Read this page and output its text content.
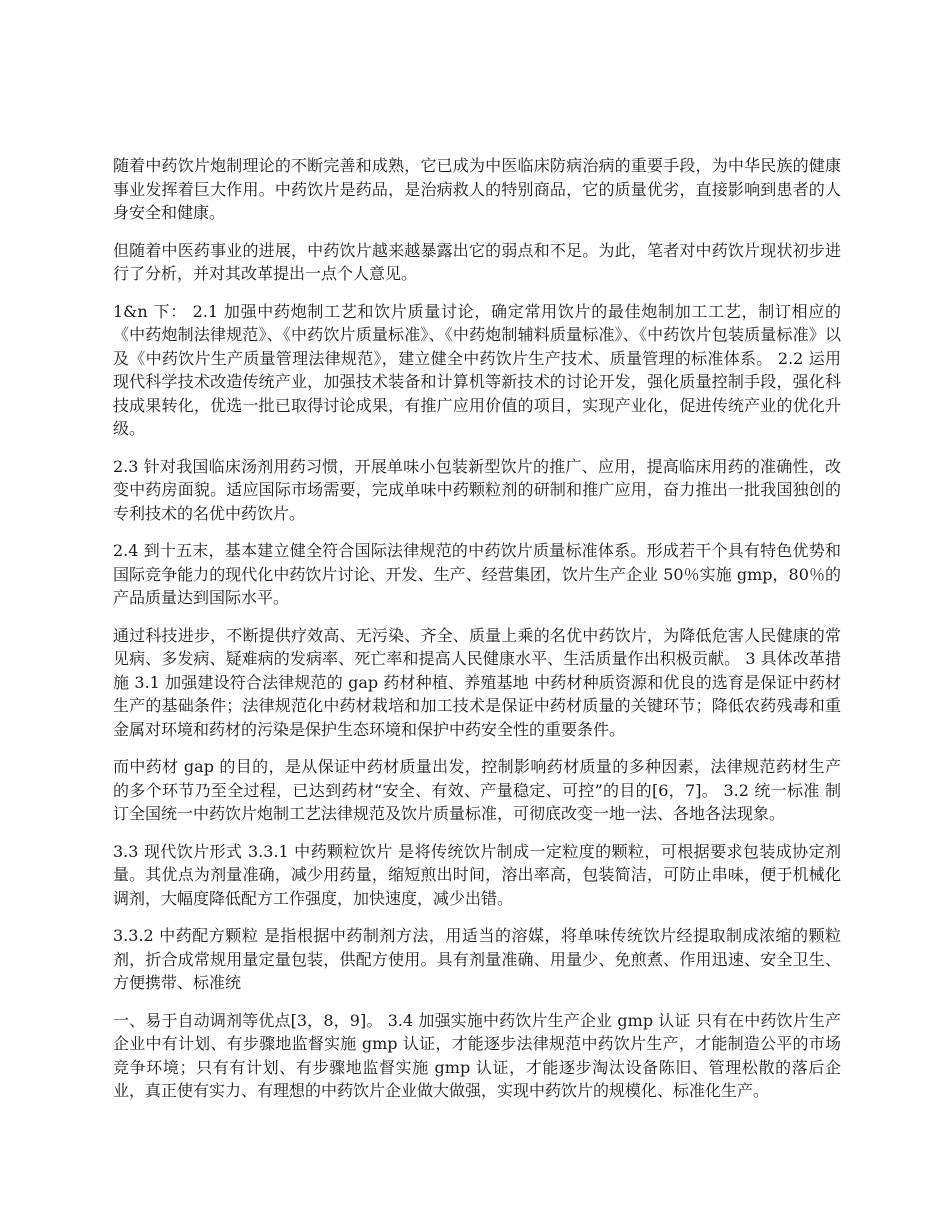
随着中药饮片炮制理论的不断完善和成熟，它已成为中医临床防病治病的重要手段，为中华民族的健康事业发挥着巨大作用。中药饮片是药品，是治病救人的特别商品，它的质量优劣，直接影响到患者的人身安全和健康。

但随着中医药事业的进展，中药饮片越来越暴露出它的弱点和不足。为此，笔者对中药饮片现状初步进行了分析，并对其改革提出一点个人意见。

1&n 下： 2.1 加强中药炮制工艺和饮片质量讨论，确定常用饮片的最佳炮制加工工艺，制订相应的《中药炮制法律规范》、《中药饮片质量标准》、《中药炮制辅料质量标准》、《中药饮片包装质量标准》以及《中药饮片生产质量管理法律规范》，建立健全中药饮片生产技术、质量管理的标准体系。 2.2 运用现代科学技术改造传统产业，加强技术装备和计算机等新技术的讨论开发，强化质量控制手段，强化科技成果转化，优选一批已取得讨论成果，有推广应用价值的项目，实现产业化，促进传统产业的优化升级。

2.3 针对我国临床汤剂用药习惯，开展单味小包装新型饮片的推广、应用，提高临床用药的准确性，改变中药房面貌。适应国际市场需要，完成单味中药颗粒剂的研制和推广应用，奋力推出一批我国独创的专利技术的名优中药饮片。

2.4 到十五末，基本建立健全符合国际法律规范的中药饮片质量标准体系。形成若干个具有特色优势和国际竞争能力的现代化中药饮片讨论、开发、生产、经营集团，饮片生产企业 50％实施 gmp，80％的产品质量达到国际水平。

通过科技进步，不断提供疗效高、无污染、齐全、质量上乘的名优中药饮片，为降低危害人民健康的常见病、多发病、疑难病的发病率、死亡率和提高人民健康水平、生活质量作出积极贡献。 3 具体改革措施 3.1 加强建设符合法律规范的 gap 药材种植、养殖基地 中药材种质资源和优良的选育是保证中药材生产的基础条件；法律规范化中药材栽培和加工技术是保证中药材质量的关键环节；降低农药残毒和重金属对环境和药材的污染是保护生态环境和保护中药安全性的重要条件。

而中药材 gap 的目的，是从保证中药材质量出发，控制影响药材质量的多种因素，法律规范药材生产的多个环节乃至全过程，已达到药材“安全、有效、产量稳定、可控”的目的[6，7]。 3.2 统一标准 制订全国统一中药饮片炮制工艺法律规范及饮片质量标准，可彻底改变一地一法、各地各法现象。

3.3 现代饮片形式 3.3.1 中药颗粒饮片 是将传统饮片制成一定粒度的颗粒，可根据要求包装成协定剂量。其优点为剂量准确，减少用药量，缩短煎出时间，溶出率高，包装简洁，可防止串味，便于机械化调剂，大幅度降低配方工作强度，加快速度，减少出错。

3.3.2 中药配方颗粒 是指根据中药制剂方法，用适当的溶媒，将单味传统饮片经提取制成浓缩的颗粒剂，折合成常规用量定量包装，供配方使用。具有剂量准确、用量少、免煎煮、作用迅速、安全卫生、方便携带、标准统

一、易于自动调剂等优点[3，8，9]。 3.4 加强实施中药饮片生产企业 gmp 认证 只有在中药饮片生产企业中有计划、有步骤地监督实施 gmp 认证，才能逐步法律规范中药饮片生产，才能制造公平的市场竞争环境；只有有计划、有步骤地监督实施 gmp 认证，才能逐步淘汰设备陈旧、管理松散的落后企业，真正使有实力、有理想的中药饮片企业做大做强，实现中药饮片的规模化、标准化生产。
